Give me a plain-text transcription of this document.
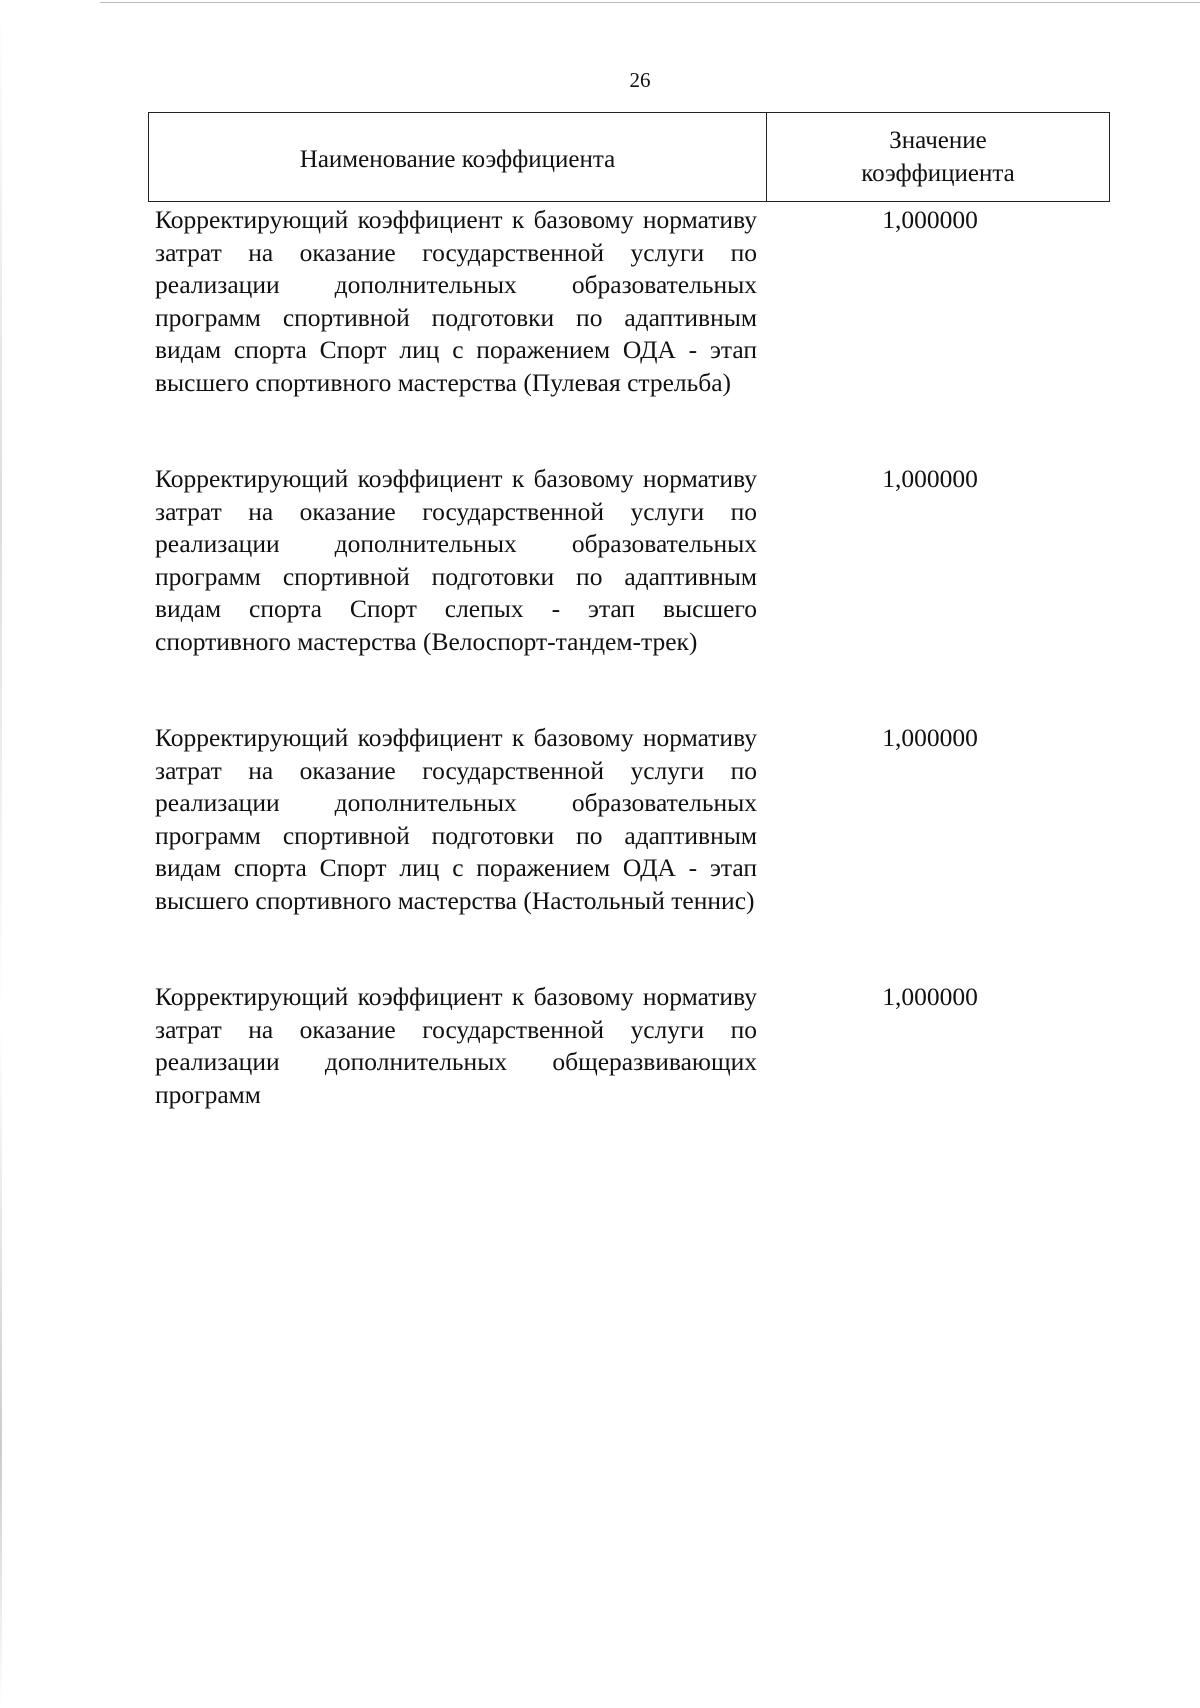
26
Наименование коэффициента
Значение
коэффициента
Корректирующий коэффициент к базовому нормативу затрат на оказание государственной услуги по реализации дополнительных образовательных программ спортивной подготовки по адаптивным видам спорта Спорт лиц с поражением ОДА - этап высшего спортивного мастерства (Пулевая стрельба)
1,000000
Корректирующий коэффициент к базовому нормативу затрат на оказание государственной услуги по реализации дополнительных образовательных программ спортивной подготовки по адаптивным видам спорта Спорт слепых - этап высшего спортивного мастерства (Велоспорт-тандем-трек)
1,000000
Корректирующий коэффициент к базовому нормативу затрат на оказание государственной услуги по реализации дополнительных образовательных программ спортивной подготовки по адаптивным видам спорта Спорт лиц с поражением ОДА - этап высшего спортивного мастерства (Настольный теннис)
1,000000
Корректирующий коэффициент к базовому нормативу затрат на оказание государственной услуги по реализации дополнительных общеразвивающих программ
1,000000
